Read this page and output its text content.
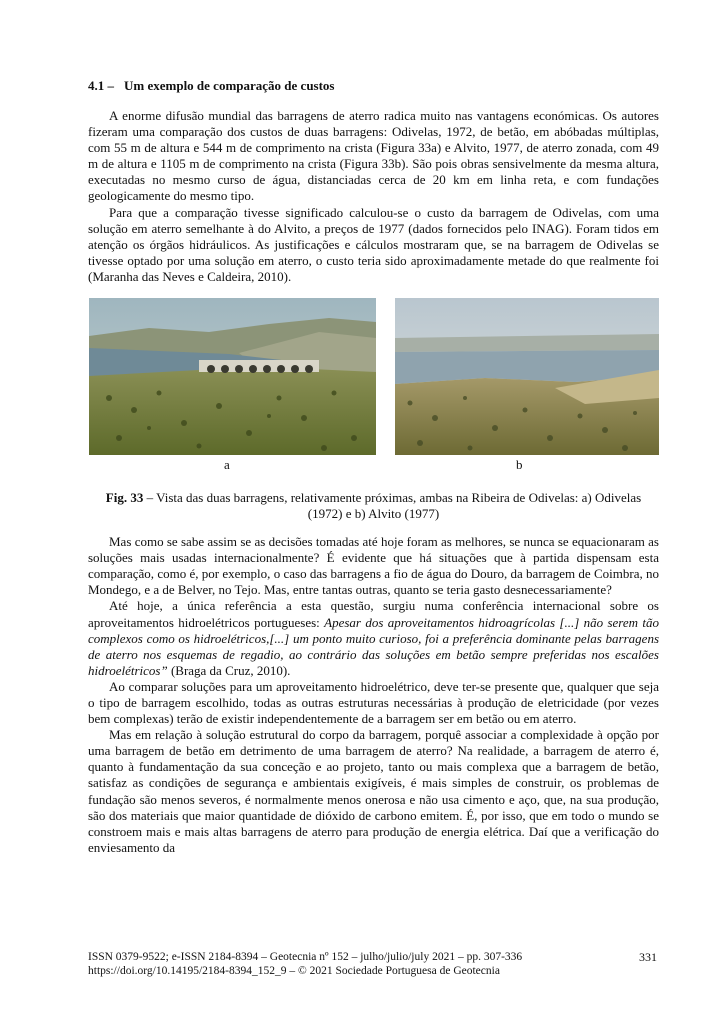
4.1 – Um exemplo de comparação de custos

A enorme difusão mundial das barragens de aterro radica muito nas vantagens económicas. Os autores fizeram uma comparação dos custos de duas barragens: Odivelas, 1972, de betão, em abóbadas múltiplas, com 55 m de altura e 544 m de comprimento na crista (Figura 33a) e Alvito, 1977, de aterro zonada, com 49 m de altura e 1105 m de comprimento na crista (Figura 33b). São pois obras sensivelmente da mesma altura, executadas no mesmo curso de água, distanciadas cerca de 20 km em linha reta, e com fundações geologicamente do mesmo tipo.

Para que a comparação tivesse significado calculou-se o custo da barragem de Odivelas, com uma solução em aterro semelhante à do Alvito, a preços de 1977 (dados fornecidos pelo INAG). Foram tidos em atenção os órgãos hidráulicos. As justificações e cálculos mostraram que, se na barragem de Odivelas se tivesse optado por uma solução em aterro, o custo teria sido aproximadamente metade do que realmente foi (Maranha das Neves e Caldeira, 2010).

a	b
Fig. 33 – Vista das duas barragens, relativamente próximas, ambas na Ribeira de Odivelas: a) Odivelas (1972) e b) Alvito (1977)

Mas como se sabe assim se as decisões tomadas até hoje foram as melhores, se nunca se equacionaram as soluções mais usadas internacionalmente? É evidente que há situações que à partida dispensam esta comparação, como é, por exemplo, o caso das barragens a fio de água do Douro, da barragem de Coimbra, no Mondego, e a de Belver, no Tejo. Mas, entre tantas outras, quanto se teria gasto desnecessariamente?

Até hoje, a única referência a esta questão, surgiu numa conferência internacional sobre os aproveitamentos hidroelétricos portugueses: Apesar dos aproveitamentos hidroagrícolas [...] não serem tão complexos como os hidroelétricos,[...] um ponto muito curioso, foi a preferência dominante pelas barragens de aterro nos esquemas de regadio, ao contrário das soluções em betão sempre preferidas nos escalões hidroelétricos” (Braga da Cruz, 2010).

Ao comparar soluções para um aproveitamento hidroelétrico, deve ter-se presente que, qualquer que seja o tipo de barragem escolhido, todas as outras estruturas necessárias à produção de eletricidade (por vezes bem complexas) terão de existir independentemente de a barragem ser em betão ou em aterro.

Mas em relação à solução estrutural do corpo da barragem, porquê associar a complexidade à opção por uma barragem de betão em detrimento de uma barragem de aterro? Na realidade, a barragem de aterro é, quanto à fundamentação da sua conceção e ao projeto, tanto ou mais complexa que a barragem de betão, satisfaz as condições de segurança e ambientais exigíveis, é mais simples de construir, os problemas de fundação são menos severos, é normalmente menos onerosa e não usa cimento e aço, que, na sua produção, são dos materiais que maior quantidade de dióxido de carbono emitem. É, por isso, que em todo o mundo se constroem mais e mais altas barragens de aterro para produção de energia elétrica. Daí que a verificação do enviesamento da

ISSN 0379-9522; e-ISSN 2184-8394 – Geotecnia nº 152 – julho/julio/july 2021 – pp. 307-336
https://doi.org/10.14195/2184-8394_152_9 – © 2021 Sociedade Portuguesa de Geotecnia
331
